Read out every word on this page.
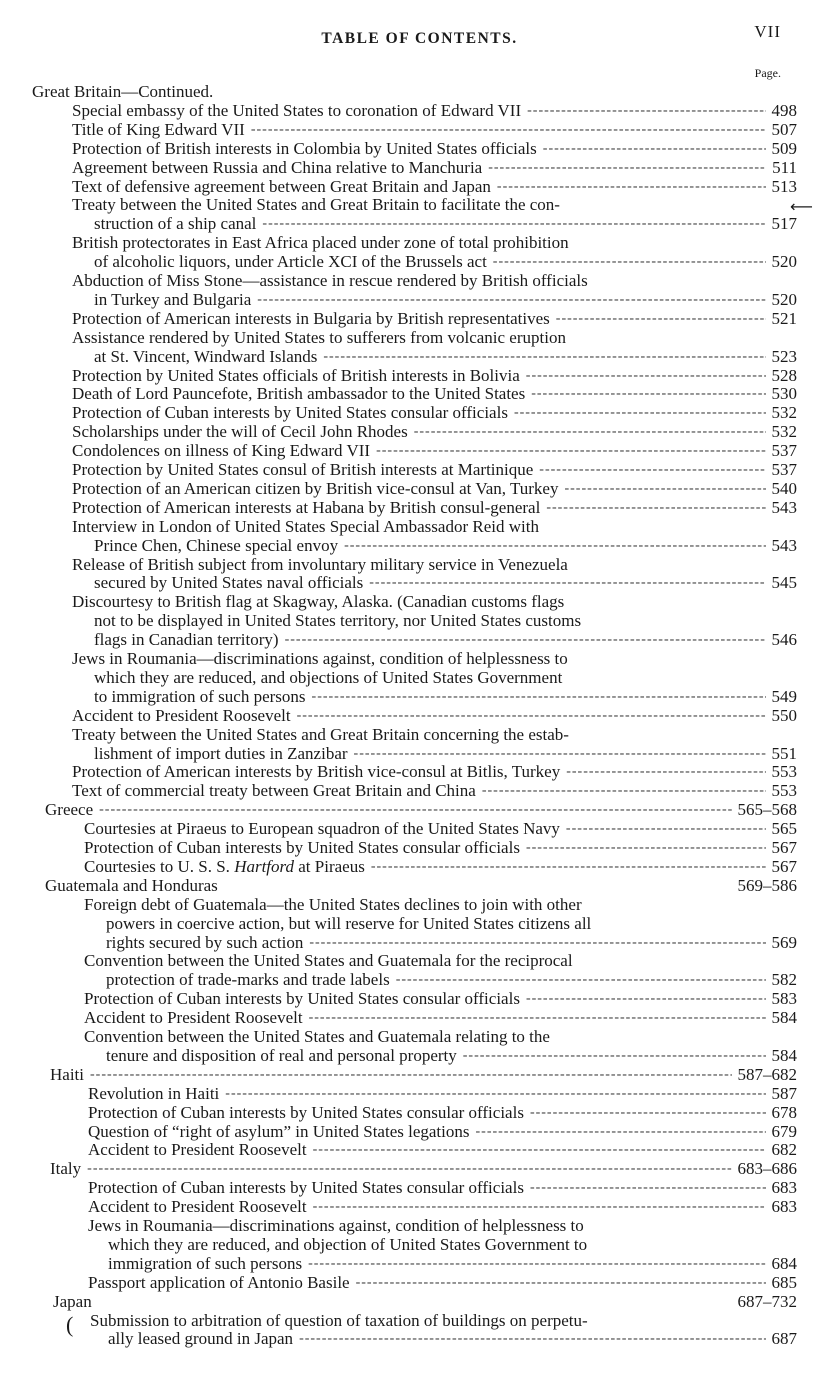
TABLE OF CONTENTS.	VII
Page.
Great Britain—Continued.
Special embassy of the United States to coronation of Edward VII	498
-----
Title of King Edward VII	507
-----
Protection of British interests in Colombia by United States officials	509
-----
Agreement between Russia and China relative to Manchuria	511
-----
Text of defensive agreement between Great Britain and Japan	513
-----
Treaty between the United States and Great Britain to facilitate the con-
struction of a ship canal	517
-----
British protectorates in East Africa placed under zone of total prohibition
of alcoholic liquors, under Article XCI of the Brussels act	520
-----
Abduction of Miss Stone—assistance in rescue rendered by British officials
in Turkey and Bulgaria	520
-----
Protection of American interests in Bulgaria by British representatives	521
-----
Assistance rendered by United States to sufferers from volcanic eruption
at St. Vincent, Windward Islands	523
-----
Protection by United States officials of British interests in Bolivia	528
-----
Death of Lord Pauncefote, British ambassador to the United States	530
-----
Protection of Cuban interests by United States consular officials	532
-----
Scholarships under the will of Cecil John Rhodes	532
-----
Condolences on illness of King Edward VII	537
-----
Protection by United States consul of British interests at Martinique	537
-----
Protection of an American citizen by British vice-consul at Van, Turkey	540
-----
Protection of American interests at Habana by British consul-general	543
-----
Interview in London of United States Special Ambassador Reid with
Prince Chen, Chinese special envoy	543
-----
Release of British subject from involuntary military service in Venezuela
secured by United States naval officials	545
-----
Discourtesy to British flag at Skagway, Alaska. (Canadian customs flags
not to be displayed in United States territory, nor United States customs
flags in Canadian territory)	546
-----
Jews in Roumania—discriminations against, condition of helplessness to
which they are reduced, and objections of United States Government
to immigration of such persons	549
-----
Accident to President Roosevelt	550
-----
Treaty between the United States and Great Britain concerning the estab-
lishment of import duties in Zanzibar	551
-----
Protection of American interests by British vice-consul at Bitlis, Turkey	553
-----
Text of commercial treaty between Great Britain and China	553
-----
Greece	565–568
-----
Courtesies at Piraeus to European squadron of the United States Navy	565
-----
Protection of Cuban interests by United States consular officials	567
-----
Courtesies to U. S. S. Hartford at Piraeus	567
-----
Guatemala and Honduras	569–586
Foreign debt of Guatemala—the United States declines to join with other
powers in coercive action, but will reserve for United States citizens all
rights secured by such action	569
-----
Convention between the United States and Guatemala for the reciprocal
protection of trade-marks and trade labels	582
-----
Protection of Cuban interests by United States consular officials	583
-----
Accident to President Roosevelt	584
-----
Convention between the United States and Guatemala relating to the
tenure and disposition of real and personal property	584
-----
Haiti	587–682
-----
Revolution in Haiti	587
-----
Protection of Cuban interests by United States consular officials	678
-----
Question of “right of asylum” in United States legations	679
-----
Accident to President Roosevelt	682
-----
Italy	683–686
-----
Protection of Cuban interests by United States consular officials	683
-----
Accident to President Roosevelt	683
-----
Jews in Roumania—discriminations against, condition of helplessness to
which they are reduced, and objection of United States Government to
immigration of such persons	684
-----
Passport application of Antonio Basile	685
-----
Japan	687–732
Submission to arbitration of question of taxation of buildings on perpetu-
ally leased ground in Japan	687
-----
⟵
(
